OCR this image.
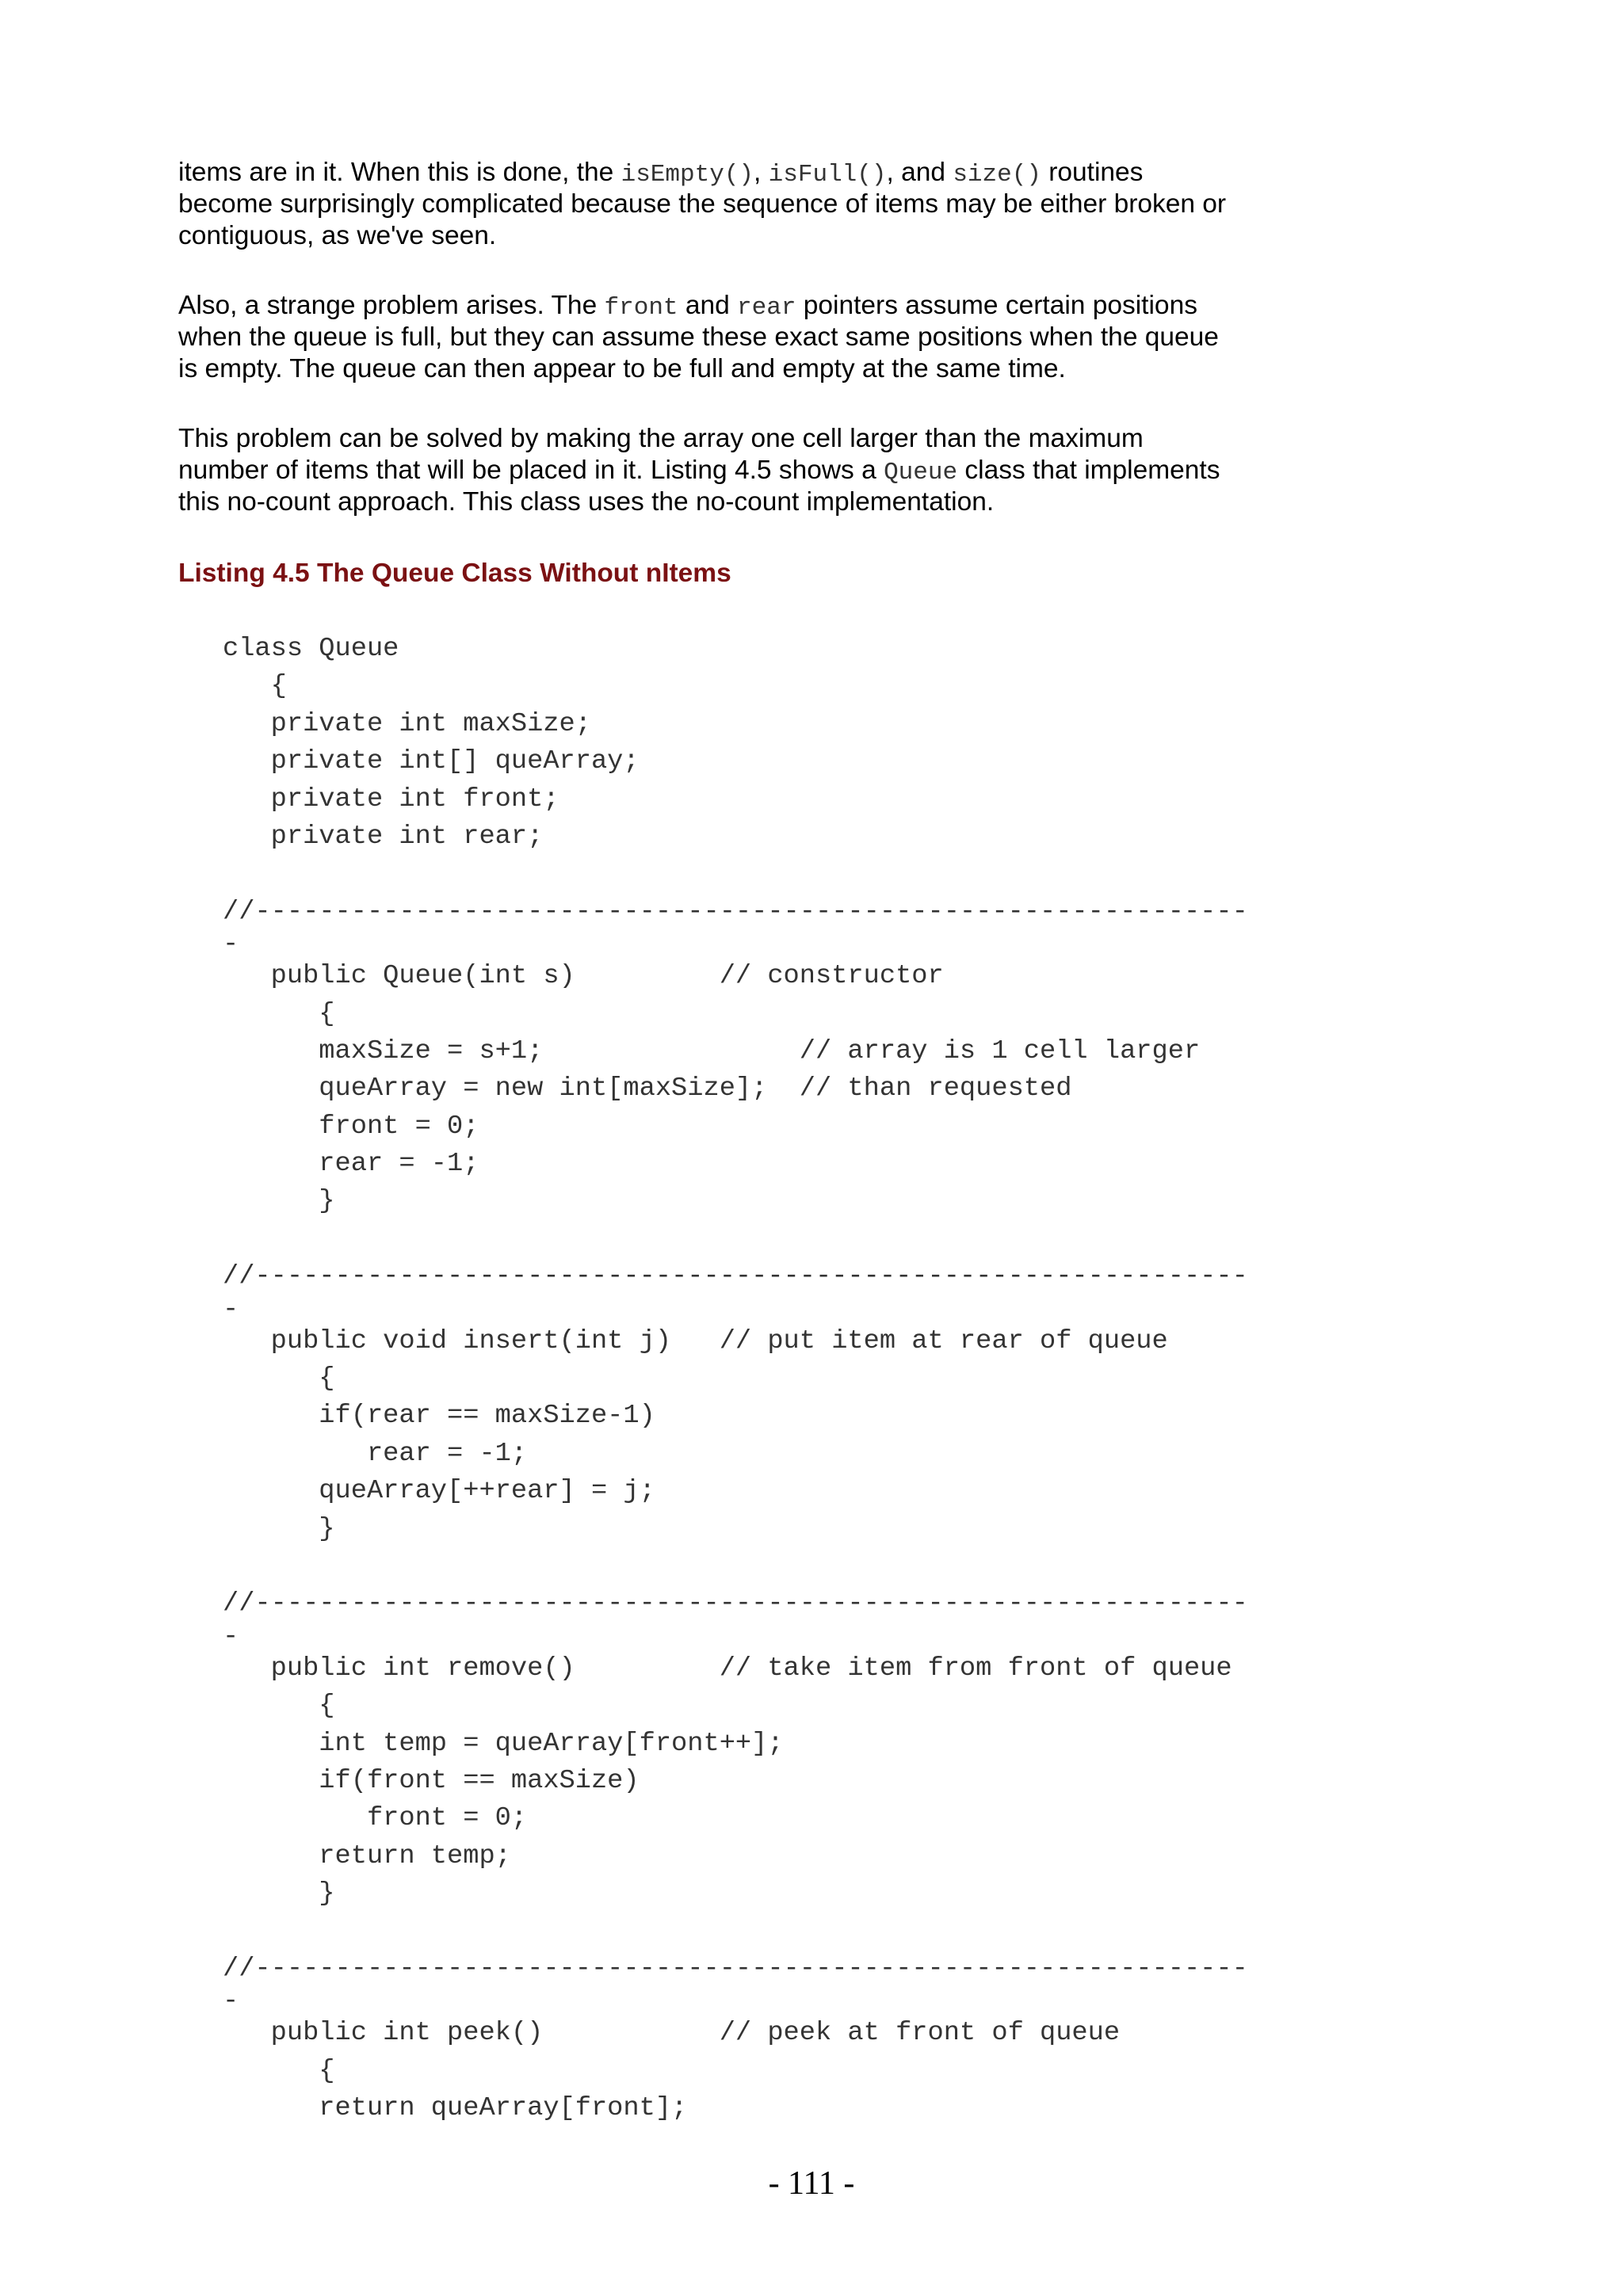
items are in it. When this is done, the isEmpty(), isFull(), and size() routines
become surprisingly complicated because the sequence of items may be either broken or
contiguous, as we've seen.
Also, a strange problem arises. The front and rear pointers assume certain positions
when the queue is full, but they can assume these exact same positions when the queue
is empty. The queue can then appear to be full and empty at the same time.
This problem can be solved by making the array one cell larger than the maximum
number of items that will be placed in it. Listing 4.5 shows a Queue class that implements
this no-count approach. This class uses the no-count implementation.
Listing 4.5 The Queue Class Without nItems
class Queue
{
private int maxSize;
private int[] queArray;
private int front;
private int rear;

//--------------------------------------------------------------
-
public Queue(int s)         // constructor
{
maxSize = s+1;                // array is 1 cell larger
queArray = new int[maxSize];  // than requested
front = 0;
rear = -1;
}

//--------------------------------------------------------------
-
public void insert(int j)   // put item at rear of queue
{
if(rear == maxSize-1)
rear = -1;
queArray[++rear] = j;
}

//--------------------------------------------------------------
-
public int remove()         // take item from front of queue
{
int temp = queArray[front++];
if(front == maxSize)
front = 0;
return temp;
}

//--------------------------------------------------------------
-
public int peek()           // peek at front of queue
{
return queArray[front];
- 111 -
